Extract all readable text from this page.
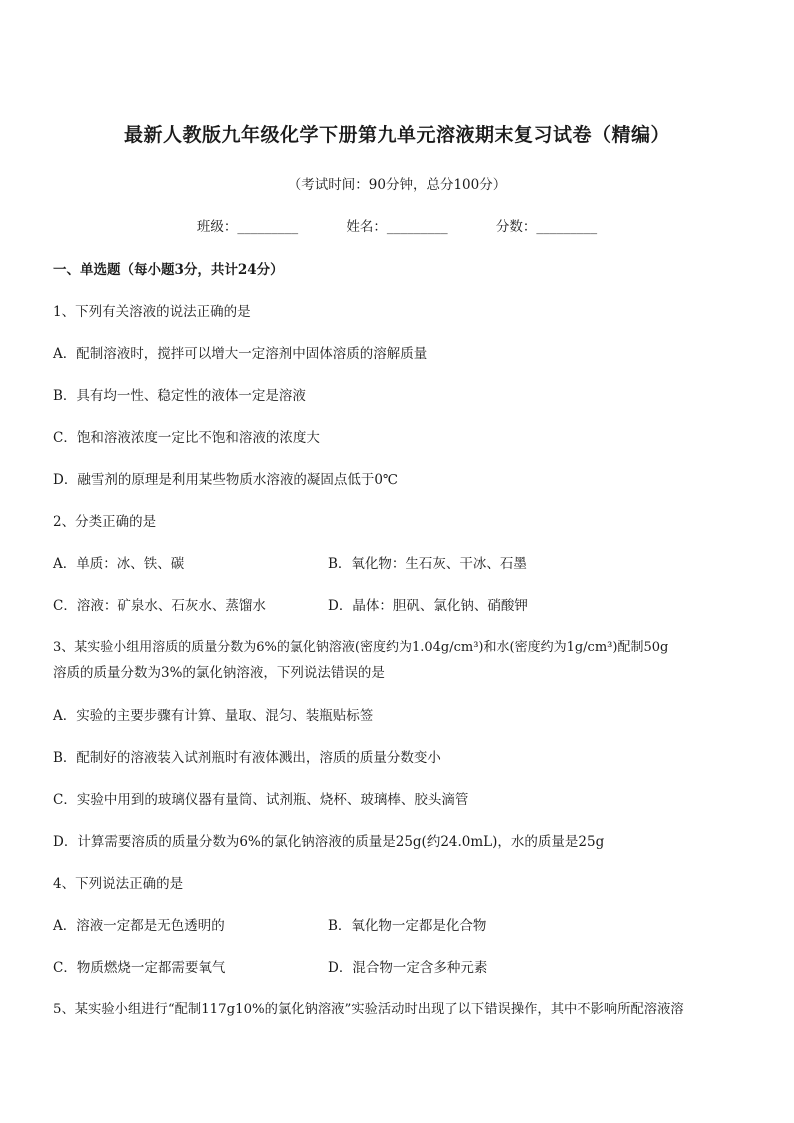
最新人教版九年级化学下册第九单元溶液期末复习试卷（精编）
（考试时间：90分钟，总分100分）
班级：_________	姓名：_________	分数：_________
一、单选题（每小题3分，共计24分）
1、下列有关溶液的说法正确的是
A．配制溶液时，搅拌可以增大一定溶剂中固体溶质的溶解质量
B．具有均一性、稳定性的液体一定是溶液
C．饱和溶液浓度一定比不饱和溶液的浓度大
D．融雪剂的原理是利用某些物质水溶液的凝固点低于0℃
2、分类正确的是
A．单质：冰、铁、碳	B．氧化物：生石灰、干冰、石墨
C．溶液：矿泉水、石灰水、蒸馏水	D．晶体：胆矾、氯化钠、硝酸钾
3、某实验小组用溶质的质量分数为6%的氯化钠溶液(密度约为1.04g/cm³)和水(密度约为1g/cm³)配制50g
溶质的质量分数为3%的氯化钠溶液，下列说法错误的是
A．实验的主要步骤有计算、量取、混匀、装瓶贴标签
B．配制好的溶液装入试剂瓶时有液体溅出，溶质的质量分数变小
C．实验中用到的玻璃仪器有量筒、试剂瓶、烧杯、玻璃棒、胶头滴管
D．计算需要溶质的质量分数为6%的氯化钠溶液的质量是25g(约24.0mL)，水的质量是25g
4、下列说法正确的是
A．溶液一定都是无色透明的	B．氧化物一定都是化合物
C．物质燃烧一定都需要氧气	D．混合物一定含多种元素
5、某实验小组进行“配制117g10%的氯化钠溶液”实验活动时出现了以下错误操作，其中不影响所配溶液溶
